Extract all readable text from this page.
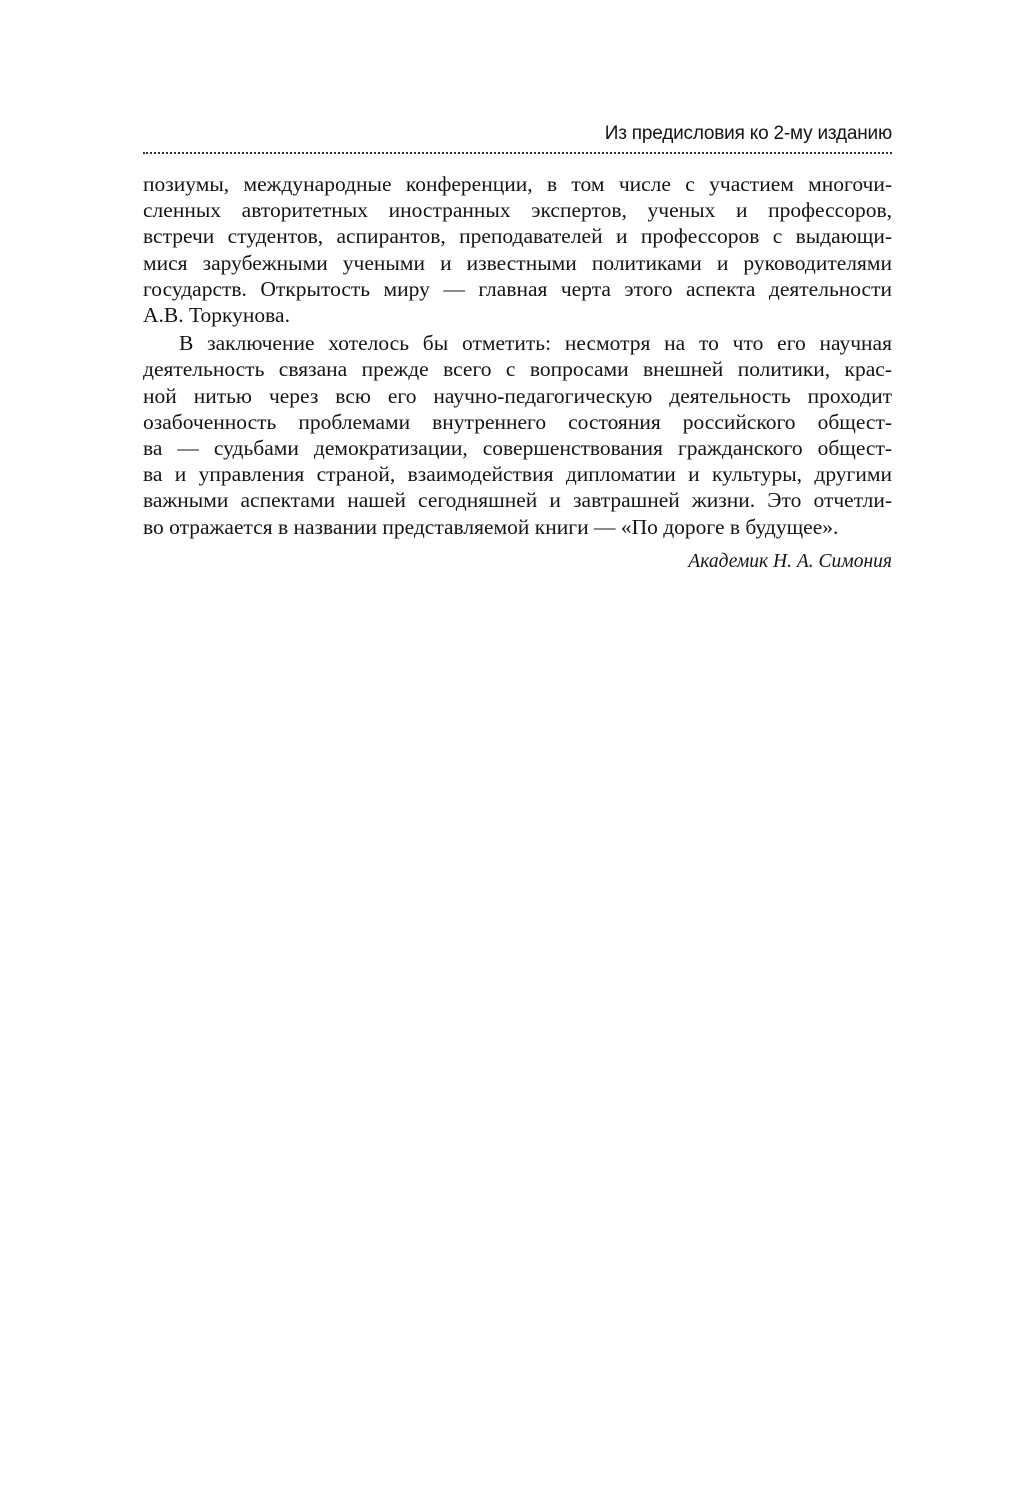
Из предисловия ко 2-му изданию
позиумы, международные конференции, в том числе с участием многочи-
сленных авторитетных иностранных экспертов, ученых и профессоров,
встречи студентов, аспирантов, преподавателей и профессоров с выдающи-
мися зарубежными учеными и известными политиками и руководителями
государств. Открытость миру — главная черта этого аспекта деятельности
А.В. Торкунова.
В заключение хотелось бы отметить: несмотря на то что его научная
деятельность связана прежде всего с вопросами внешней политики, крас-
ной нитью через всю его научно-педагогическую деятельность проходит
озабоченность проблемами внутреннего состояния российского общест-
ва — судьбами демократизации, совершенствования гражданского общест-
ва и управления страной, взаимодействия дипломатии и культуры, другими
важными аспектами нашей сегодняшней и завтрашней жизни. Это отчетли-
во отражается в названии представляемой книги — «По дороге в будущее».
Академик Н. А. Симония
